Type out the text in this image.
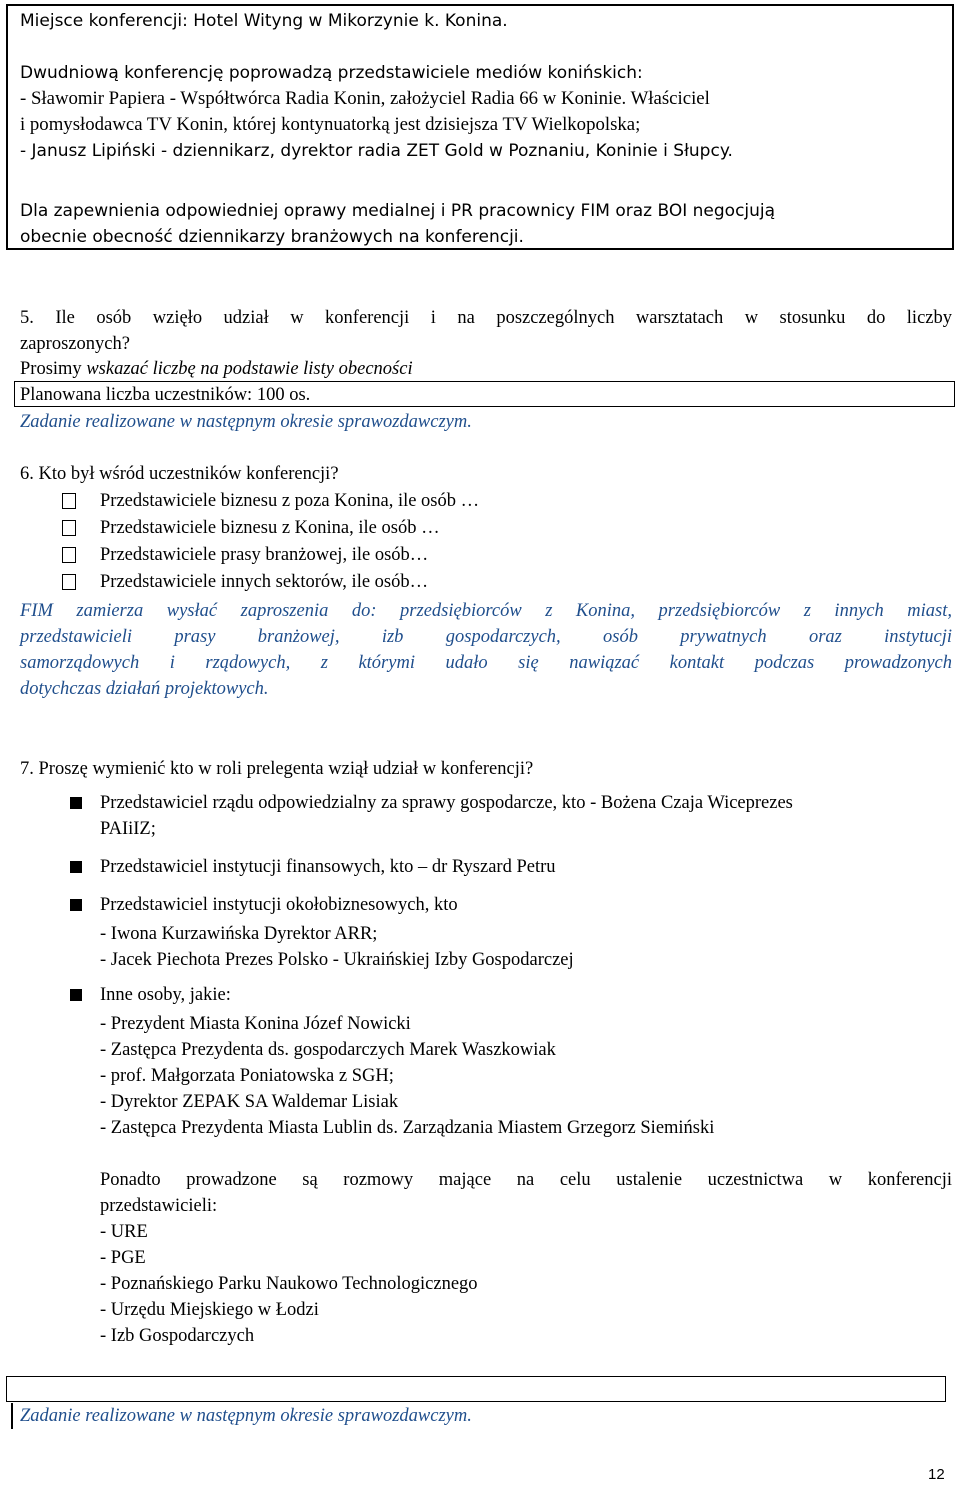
Miejsce konferencji: Hotel Wityng w Mikorzynie k. Konina.
Dwudniową konferencję poprowadzą przedstawiciele mediów konińskich:
- Sławomir Papiera - Współtwórca Radia Konin, założyciel Radia 66 w Koninie. Właściciel
i pomysłodawca TV Konin, której kontynuatorką jest dzisiejsza TV Wielkopolska;
- Janusz Lipiński - dziennikarz, dyrektor radia ZET Gold w Poznaniu, Koninie i Słupcy.
Dla zapewnienia odpowiedniej oprawy medialnej i PR pracownicy FIM oraz BOI negocjują
obecnie obecność dziennikarzy branżowych na konferencji.
5. Ile osób wzięło udział w konferencji i na poszczególnych warsztatach w stosunku do liczby
zaproszonych?
Prosimy wskazać liczbę na podstawie listy obecności
Planowana liczba uczestników: 100 os.
Zadanie realizowane w następnym okresie sprawozdawczym.
6. Kto był wśród uczestników konferencji?
Przedstawiciele biznesu z poza Konina, ile osób …
Przedstawiciele biznesu z Konina, ile osób …
Przedstawiciele prasy branżowej, ile osób…
Przedstawiciele innych sektorów, ile osób…
FIM zamierza wysłać zaproszenia do: przedsiębiorców z Konina, przedsiębiorców z innych miast,
przedstawicieli prasy branżowej, izb gospodarczych, osób prywatnych oraz instytucji
samorządowych i rządowych, z którymi udało się nawiązać kontakt podczas prowadzonych
dotychczas działań projektowych.
7. Proszę wymienić kto w roli prelegenta wziął udział w konferencji?
Przedstawiciel rządu odpowiedzialny za sprawy gospodarcze, kto - Bożena Czaja Wiceprezes
PAIiIZ;
Przedstawiciel instytucji finansowych, kto – dr Ryszard Petru
Przedstawiciel instytucji okołobiznesowych, kto
- Iwona Kurzawińska Dyrektor ARR;
- Jacek Piechota Prezes Polsko - Ukraińskiej Izby Gospodarczej
Inne osoby, jakie:
- Prezydent Miasta Konina Józef Nowicki
- Zastępca Prezydenta ds. gospodarczych Marek Waszkowiak
- prof. Małgorzata Poniatowska z SGH;
- Dyrektor ZEPAK SA Waldemar Lisiak
- Zastępca Prezydenta Miasta Lublin ds. Zarządzania Miastem Grzegorz Siemiński
Ponadto prowadzone są rozmowy mające na celu ustalenie uczestnictwa w konferencji
przedstawicieli:
- URE
- PGE
- Poznańskiego Parku Naukowo Technologicznego
- Urzędu Miejskiego w Łodzi
- Izb Gospodarczych
Zadanie realizowane w następnym okresie sprawozdawczym.
12
